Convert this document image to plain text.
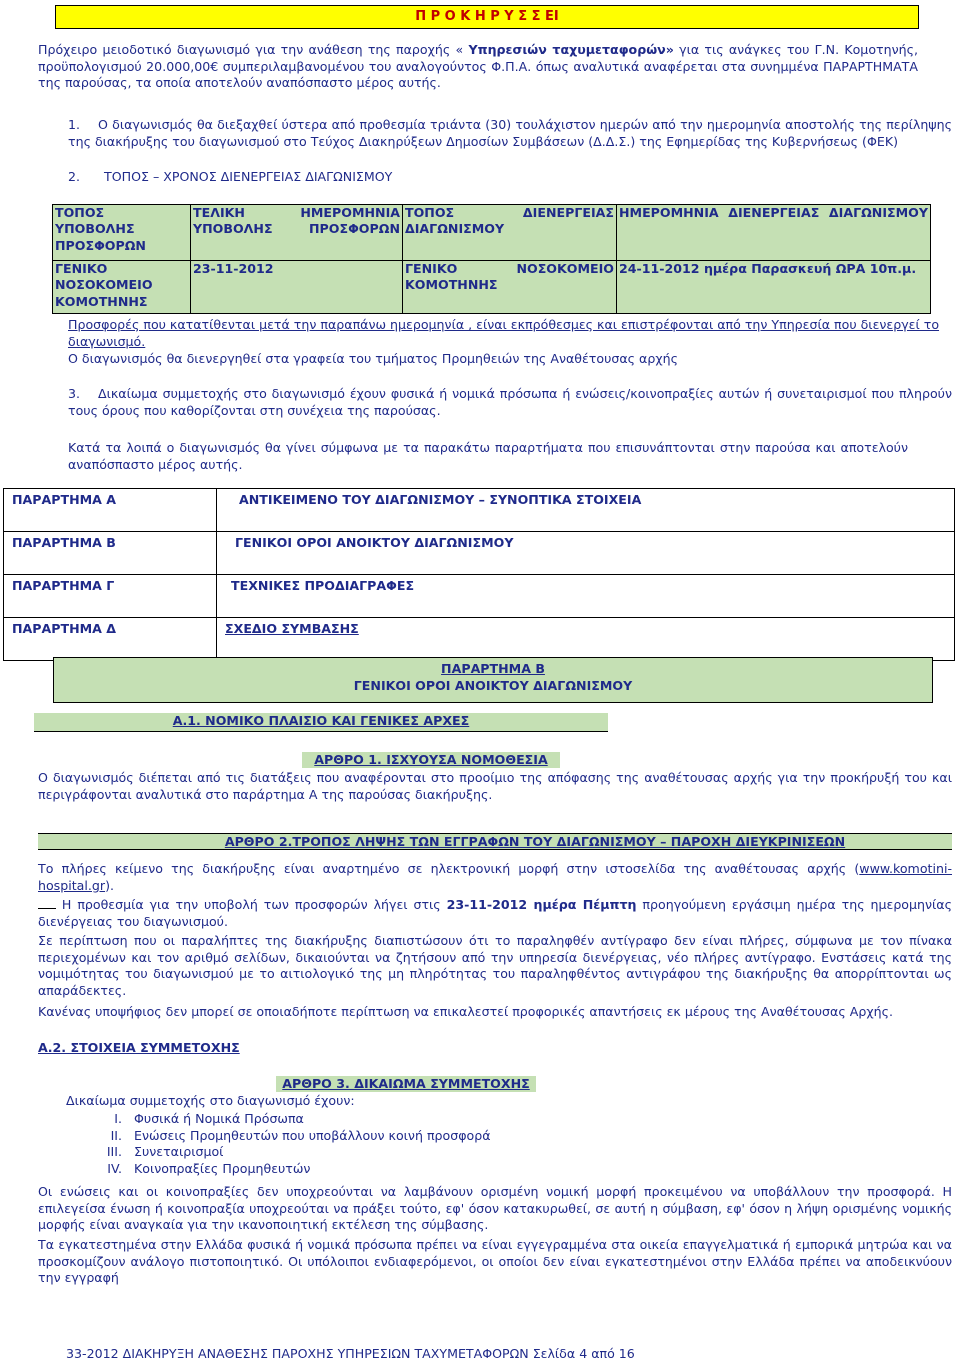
Π Ρ Ο Κ Η Ρ Υ Σ Σ ΕΙ
Πρόχειρο μειοδοτικό διαγωνισμό για την ανάθεση της παροχής « Υπηρεσιών ταχυμεταφορών» για τις ανάγκες του Γ.Ν. Κομοτηνής, προϋπολογισμού 20.000,00€ συμπεριλαμβανομένου του αναλογούντος Φ.Π.Α. όπως αναλυτικά αναφέρεται στα συνημμένα ΠΑΡΑΡΤΗΜΑΤΑ της παρούσας, τα οποία αποτελούν αναπόσπαστο μέρος αυτής.
1. Ο διαγωνισμός θα διεξαχθεί ύστερα από προθεσμία τριάντα (30) τουλάχιστον ημερών από την ημερομηνία αποστολής της περίληψης της διακήρυξης του διαγωνισμού στο Τεύχος Διακηρύξεων Δημοσίων Συμβάσεων (Δ.Δ.Σ.) της Εφημερίδας της Κυβερνήσεως (ΦΕΚ)
2. ΤΟΠΟΣ – ΧΡΟΝΟΣ ΔΙΕΝΕΡΓΕΙΑΣ ΔΙΑΓΩΝΙΣΜΟΥ
ΤΟΠΟΣ ΥΠΟΒΟΛΗΣ ΠΡΟΣΦΟΡΩΝ	ΤΕΛΙΚΗ ΗΜΕΡΟΜΗΝΙΑ ΥΠΟΒΟΛΗΣ ΠΡΟΣΦΟΡΩΝ	ΤΟΠΟΣ ΔΙΕΝΕΡΓΕΙΑΣ ΔΙΑΓΩΝΙΣΜΟΥ	ΗΜΕΡΟΜΗΝΙΑ ΔΙΕΝΕΡΓΕΙΑΣ ΔΙΑΓΩΝΙΣΜΟΥ
ΓΕΝΙΚΟ ΝΟΣΟΚΟΜΕΙΟ ΚΟΜΟΤΗΝΗΣ	23-11-2012	ΓΕΝΙΚΟ ΝΟΣΟΚΟΜΕΙΟ ΚΟΜΟΤΗΝΗΣ	24-11-2012 ημέρα Παρασκευή ΩΡΑ 10π.μ.
Προσφορές που κατατίθενται μετά την παραπάνω ημερομηνία , είναι εκπρόθεσμες και επιστρέφονται από την Υπηρεσία που διενεργεί το διαγωνισμό.
Ο διαγωνισμός θα διενεργηθεί στα γραφεία του τμήματος Προμηθειών της Αναθέτουσας αρχής
3. Δικαίωμα συμμετοχής στο διαγωνισμό έχουν φυσικά ή νομικά πρόσωπα ή ενώσεις/κοινοπραξίες αυτών ή συνεταιρισμοί που πληρούν τους όρους που καθορίζονται στη συνέχεια της παρούσας.
Κατά τα λοιπά ο διαγωνισμός θα γίνει σύμφωνα με τα παρακάτω παραρτήματα που επισυνάπτονται στην παρούσα και αποτελούν αναπόσπαστο μέρος αυτής.
ΠΑΡΑΡΤΗΜΑ Α	ΑΝΤΙΚΕΙΜΕΝΟ ΤΟΥ ΔΙΑΓΩΝΙΣΜΟΥ – ΣΥΝΟΠΤΙΚΑ ΣΤΟΙΧΕΙΑ
ΠΑΡΑΡΤΗΜΑ Β	ΓΕΝΙΚΟΙ ΟΡΟΙ ΑΝΟΙΚΤΟΥ ΔΙΑΓΩΝΙΣΜΟΥ
ΠΑΡΑΡΤΗΜΑ Γ	ΤΕΧΝΙΚΕΣ ΠΡΟΔΙΑΓΡΑΦΕΣ
ΠΑΡΑΡΤΗΜΑ Δ	ΣΧΕΔΙΟ ΣΥΜΒΑΣΗΣ
ΠΑΡΑΡΤΗΜΑ Β
ΓΕΝΙΚΟΙ ΟΡΟΙ ΑΝΟΙΚΤΟΥ ΔΙΑΓΩΝΙΣΜΟΥ
Α.1. ΝΟΜΙΚΟ ΠΛΑΙΣΙΟ ΚΑΙ ΓΕΝΙΚΕΣ ΑΡΧΕΣ
ΑΡΘΡΟ 1. ΙΣΧΥΟΥΣΑ ΝΟΜΟΘΕΣΙΑ
Ο διαγωνισμός διέπεται από τις διατάξεις που αναφέρονται στο προοίμιο της απόφασης της αναθέτουσας αρχής για την προκήρυξή του και περιγράφονται αναλυτικά στο παράρτημα Α της παρούσας διακήρυξης.
ΑΡΘΡΟ 2.ΤΡΟΠΟΣ ΛΗΨΗΣ ΤΩΝ ΕΓΓΡΑΦΩΝ ΤΟΥ ΔΙΑΓΩΝΙΣΜΟΥ – ΠΑΡΟΧΗ ΔΙΕΥΚΡΙΝΙΣΕΩΝ
Το πλήρες κείμενο της διακήρυξης είναι αναρτημένο σε ηλεκτρονική μορφή στην ιστοσελίδα της αναθέτουσας αρχής (www.komotini-hospital.gr).
Η προθεσμία για την υποβολή των προσφορών λήγει στις 23-11-2012 ημέρα Πέμπτη προηγούμενη εργάσιμη ημέρα της ημερομηνίας διενέργειας του διαγωνισμού.
Σε περίπτωση που οι παραλήπτες της διακήρυξης διαπιστώσουν ότι το παραληφθέν αντίγραφο δεν είναι πλήρες, σύμφωνα με τον πίνακα περιεχομένων και τον αριθμό σελίδων, δικαιούνται να ζητήσουν από την υπηρεσία διενέργειας, νέο πλήρες αντίγραφο. Ενστάσεις κατά της νομιμότητας του διαγωνισμού με το αιτιολογικό της μη πληρότητας του παραληφθέντος αντιγράφου της διακήρυξης θα απορρίπτονται ως απαράδεκτες.
Κανένας υποψήφιος δεν μπορεί σε οποιαδήποτε περίπτωση να επικαλεστεί προφορικές απαντήσεις εκ μέρους της Αναθέτουσας Αρχής.
Α.2. ΣΤΟΙΧΕΙΑ ΣΥΜΜΕΤΟΧΗΣ
ΑΡΘΡΟ 3. ΔΙΚΑΙΩΜΑ ΣΥΜΜΕΤΟΧΗΣ
Δικαίωμα συμμετοχής στο διαγωνισμό έχουν:
I. Φυσικά ή Νομικά Πρόσωπα
II. Ενώσεις Προμηθευτών που υποβάλλουν κοινή προσφορά
III. Συνεταιρισμοί
IV. Κοινοπραξίες Προμηθευτών
Οι ενώσεις και οι κοινοπραξίες δεν υποχρεούνται να λαμβάνουν ορισμένη νομική μορφή προκειμένου να υποβάλλουν την προσφορά. Η επιλεγείσα ένωση ή κοινοπραξία υποχρεούται να πράξει τούτο, εφ' όσον κατακυρωθεί, σε αυτή η σύμβαση, εφ' όσον η λήψη ορισμένης νομικής μορφής είναι αναγκαία για την ικανοποιητική εκτέλεση της σύμβασης.
Τα εγκατεστημένα στην Ελλάδα φυσικά ή νομικά πρόσωπα πρέπει να είναι εγγεγραμμένα στα οικεία επαγγελματικά ή εμπορικά μητρώα και να προσκομίζουν ανάλογο πιστοποιητικό. Οι υπόλοιποι ενδιαφερόμενοι, οι οποίοι δεν είναι εγκατεστημένοι στην Ελλάδα πρέπει να αποδεικνύουν την εγγραφή
33-2012 ΔΙΑΚΗΡΥΞΗ ΑΝΑΘΕΣΗΣ ΠΑΡΟΧΗΣ ΥΠΗΡΕΣΙΩΝ ΤΑΧΥΜΕΤΑΦΟΡΩΝ Σελίδα 4 από 16
